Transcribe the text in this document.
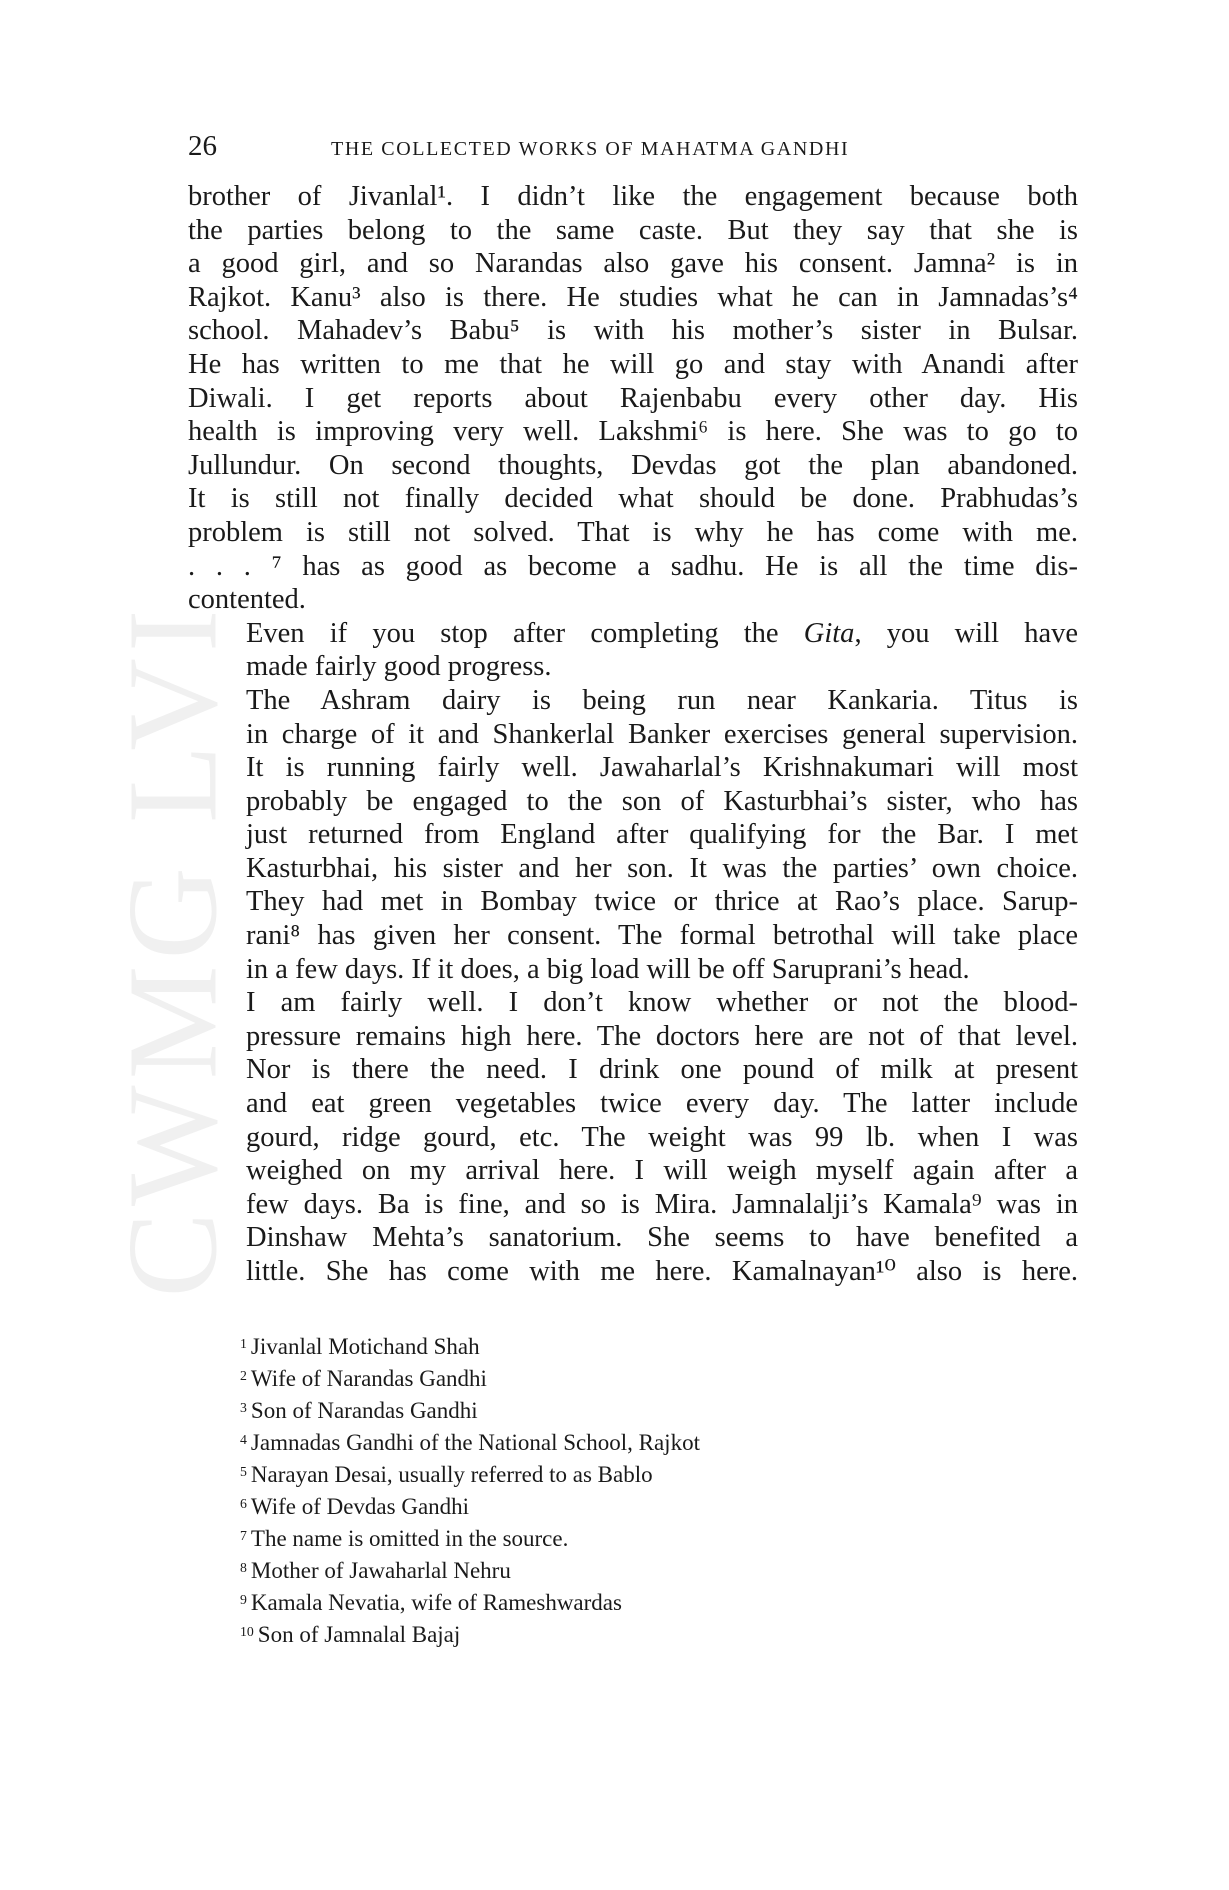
CWMG LVI
26	THE COLLECTED WORKS OF MAHATMA GANDHI

brother of Jivanlal¹. I didn’t like the engagement because both
the parties belong to the same caste. But they say that she is
a good girl, and so Narandas also gave his consent. Jamna² is in
Rajkot. Kanu³ also is there. He studies what he can in Jamnadas’s⁴
school. Mahadev’s Babu⁵ is with his mother’s sister in Bulsar.
He has written to me that he will go and stay with Anandi after
Diwali. I get reports about Rajenbabu every other day. His
health is improving very well. Lakshmi⁶ is here. She was to go to
Jullundur. On second thoughts, Devdas got the plan abandoned.
It is still not finally decided what should be done. Prabhudas’s
problem is still not solved. That is why he has come with me.
. . . ⁷ has as good as become a sadhu. He is all the time dis-
contented.

Even if you stop after completing the Gita, you will have
made fairly good progress.

The Ashram dairy is being run near Kankaria. Titus is
in charge of it and Shankerlal Banker exercises general supervision.
It is running fairly well. Jawaharlal’s Krishnakumari will most
probably be engaged to the son of Kasturbhai’s sister, who has
just returned from England after qualifying for the Bar. I met
Kasturbhai, his sister and her son. It was the parties’ own choice.
They had met in Bombay twice or thrice at Rao’s place. Sarup-
rani⁸ has given her consent. The formal betrothal will take place
in a few days. If it does, a big load will be off Saruprani’s head.

I am fairly well. I don’t know whether or not the blood-
pressure remains high here. The doctors here are not of that level.
Nor is there the need. I drink one pound of milk at present
and eat green vegetables twice every day. The latter include
gourd, ridge gourd, etc. The weight was 99 lb. when I was
weighed on my arrival here. I will weigh myself again after a
few days. Ba is fine, and so is Mira. Jamnalalji’s Kamala⁹ was in
Dinshaw Mehta’s sanatorium. She seems to have benefited a
little. She has come with me here. Kamalnayan¹⁰ also is here.

$^1$ Jivanlal Motichand Shah

$^2$ Wife of Narandas Gandhi

$^3$ Son of Narandas Gandhi

$^4$ Jamnadas Gandhi of the National School, Rajkot

$^5$ Narayan Desai, usually referred to as Bablo

$^6$ Wife of Devdas Gandhi

$^7$ The name is omitted in the source.

$^8$ Mother of Jawaharlal Nehru

$^9$ Kamala Nevatia, wife of Rameshwardas

$^{10}$ Son of Jamnalal Bajaj
